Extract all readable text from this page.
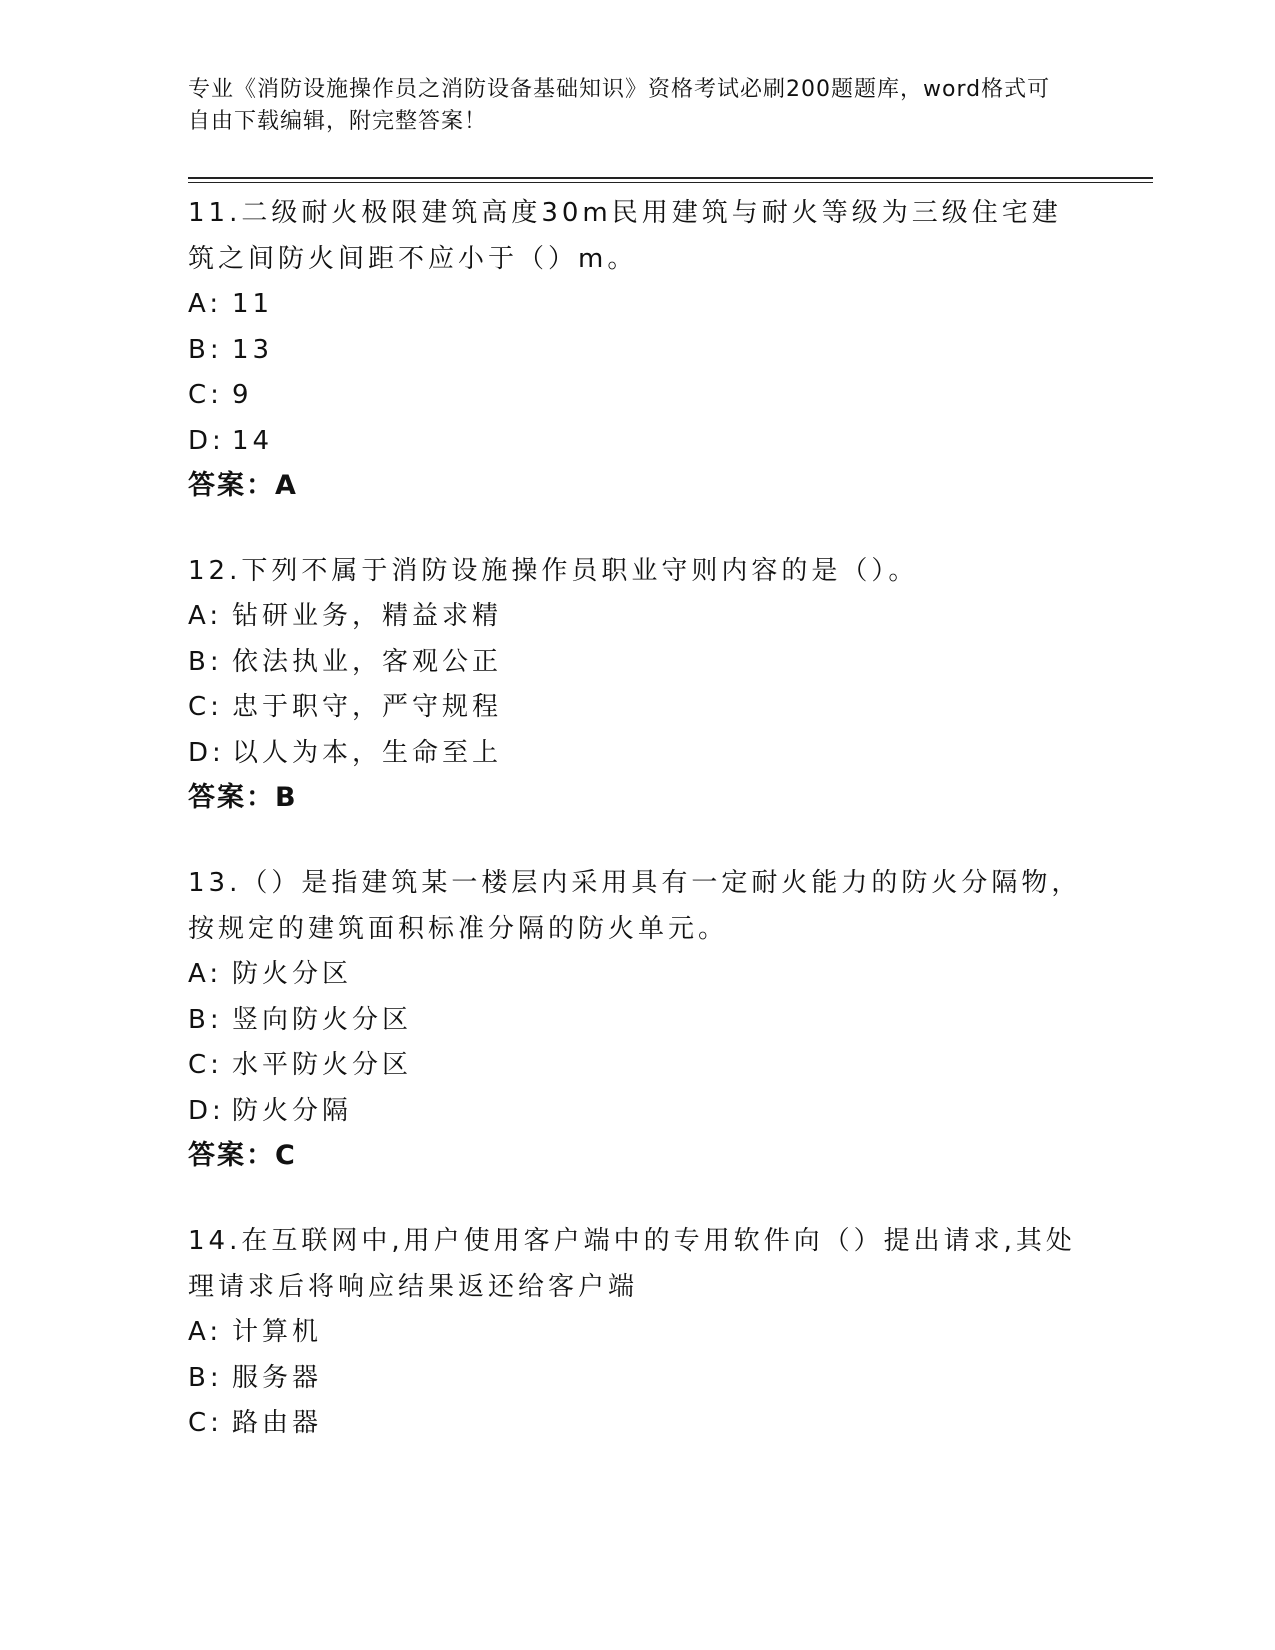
专业《消防设施操作员之消防设备基础知识》资格考试必刷200题题库，word格式可自由下载编辑，附完整答案！

11.二级耐火极限建筑高度30m民用建筑与耐火等级为三级住宅建筑之间防火间距不应小于（）m。

A: 11
B: 13
C: 9
D: 14
答案：A

12.下列不属于消防设施操作员职业守则内容的是（）。

A: 钻研业务，精益求精
B: 依法执业，客观公正
C: 忠于职守，严守规程
D: 以人为本，生命至上
答案：B

13.（）是指建筑某一楼层内采用具有一定耐火能力的防火分隔物，按规定的建筑面积标准分隔的防火单元。

A: 防火分区
B: 竖向防火分区
C: 水平防火分区
D: 防火分隔
答案：C

14.在互联网中,用户使用客户端中的专用软件向（）提出请求,其处理请求后将响应结果返还给客户端

A: 计算机
B: 服务器
C: 路由器
